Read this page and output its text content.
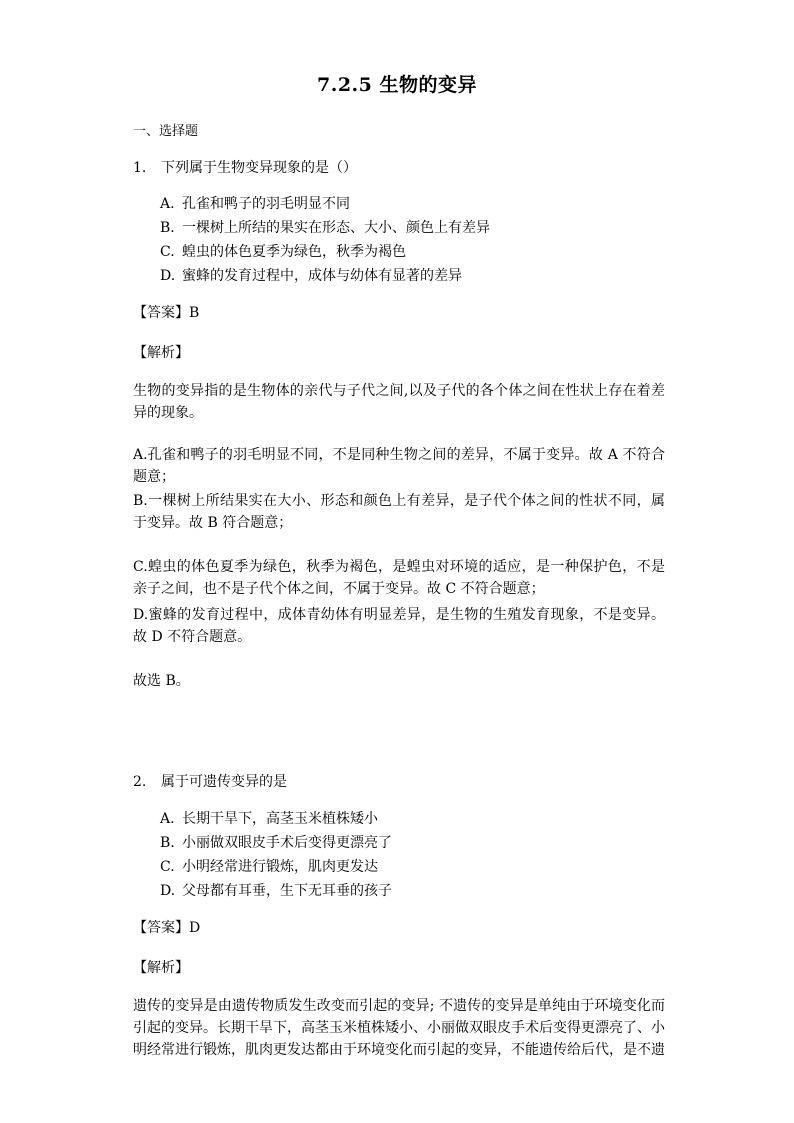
7.2.5 生物的变异
一、选择题
1. 下列属于生物变异现象的是（）
A. 孔雀和鸭子的羽毛明显不同
B. 一棵树上所结的果实在形态、大小、颜色上有差异
C. 蝗虫的体色夏季为绿色，秋季为褐色
D. 蜜蜂的发育过程中，成体与幼体有显著的差异
【答案】B
【解析】
生物的变异指的是生物体的亲代与子代之间,以及子代的各个体之间在性状上存在着差异的现象。
A.孔雀和鸭子的羽毛明显不同，不是同种生物之间的差异，不属于变异。故 A 不符合题意；
B.一棵树上所结果实在大小、形态和颜色上有差异，是子代个体之间的性状不同，属于变异。故 B 符合题意；
C.蝗虫的体色夏季为绿色，秋季为褐色，是蝗虫对环境的适应，是一种保护色，不是亲子之间，也不是子代个体之间，不属于变异。故 C 不符合题意；
D.蜜蜂的发育过程中，成体青幼体有明显差异，是生物的生殖发育现象，不是变异。故 D 不符合题意。
故选 B。
2. 属于可遗传变异的是
A. 长期干旱下，高茎玉米植株矮小
B. 小丽做双眼皮手术后变得更漂亮了
C. 小明经常进行锻炼，肌肉更发达
D. 父母都有耳垂，生下无耳垂的孩子
【答案】D
【解析】
遗传的变异是由遗传物质发生改变而引起的变异; 不遗传的变异是单纯由于环境变化而引起的变异。长期干旱下，高茎玉米植株矮小、小丽做双眼皮手术后变得更漂亮了、小明经常进行锻炼，肌肉更发达都由于环境变化而引起的变异，不能遗传给后代，是不遗
